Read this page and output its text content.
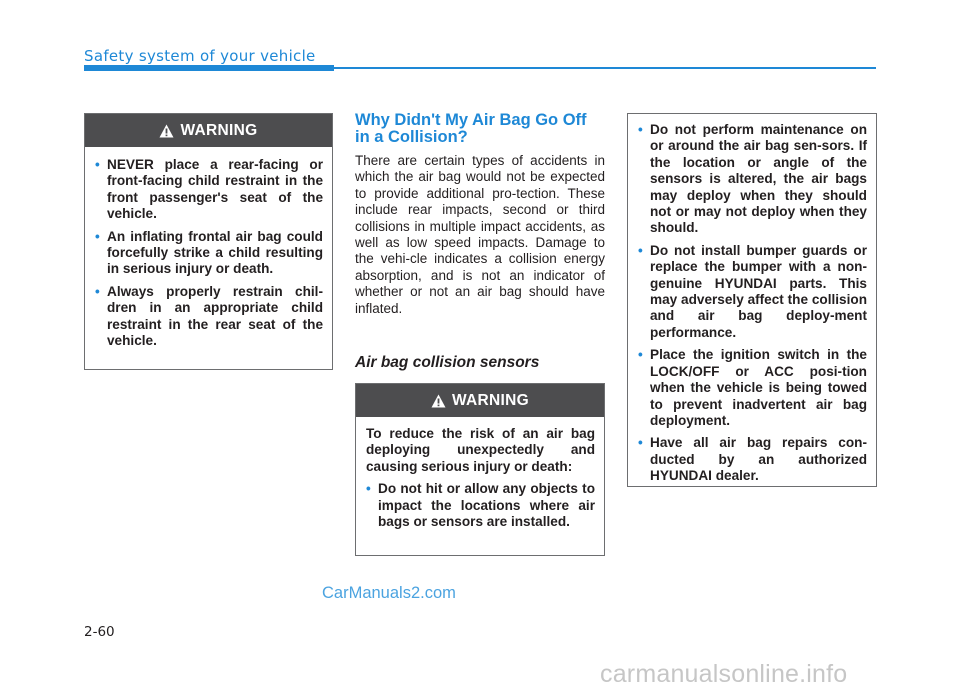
Safety system of your vehicle
WARNING
• NEVER place a rear-facing or front-facing child restraint in the front passenger's seat of the vehicle.
• An inflating frontal air bag could forcefully strike a child resulting in serious injury or death.
• Always properly restrain chil-dren in an appropriate child restraint in the rear seat of the vehicle.
Why Didn't My Air Bag Go Off in a Collision?
There are certain types of accidents in which the air bag would not be expected to provide additional pro-tection. These include rear impacts, second or third collisions in multiple impact accidents, as well as low speed impacts. Damage to the vehi-cle indicates a collision energy absorption, and is not an indicator of whether or not an air bag should have inflated.
Air bag collision sensors
WARNING
To reduce the risk of an air bag deploying unexpectedly and causing serious injury or death:
• Do not hit or allow any objects to impact the locations where air bags or sensors are installed.
• Do not perform maintenance on or around the air bag sen-sors. If the location or angle of the sensors is altered, the air bags may deploy when they should not or may not deploy when they should.
• Do not install bumper guards or replace the bumper with a non-genuine HYUNDAI parts. This may adversely affect the collision and air bag deploy-ment performance.
• Place the ignition switch in the LOCK/OFF or ACC posi-tion when the vehicle is being towed to prevent inadvertent air bag deployment.
• Have all air bag repairs con-ducted by an authorized HYUNDAI dealer.
CarManuals2.com
2-60
carmanualsonline.info
